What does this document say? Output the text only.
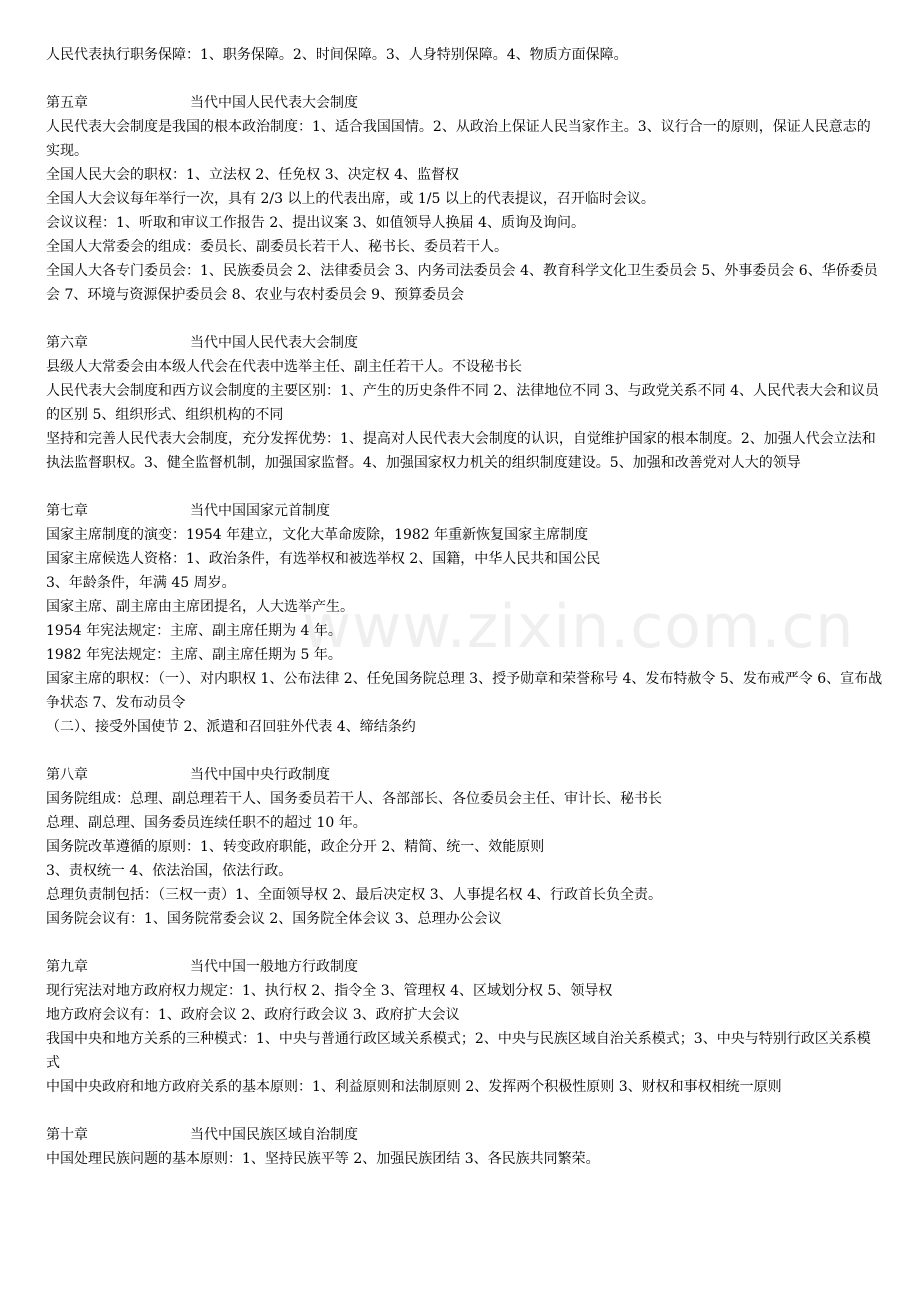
www.zixin.com.cn
人民代表执行职务保障：1、职务保障。2、时间保障。3、人身特别保障。4、物质方面保障。
第五章	当代中国人民代表大会制度
人民代表大会制度是我国的根本政治制度：1、适合我国国情。2、从政治上保证人民当家作主。3、议行合一的原则，保证人民意志的实现。
全国人民大会的职权：1、立法权 2、任免权 3、决定权 4、监督权
全国人大会议每年举行一次，具有 2/3 以上的代表出席，或 1/5 以上的代表提议，召开临时会议。
会议议程：1、听取和审议工作报告 2、提出议案 3、如值领导人换届 4、质询及询问。
全国人大常委会的组成：委员长、副委员长若干人、秘书长、委员若干人。
全国人大各专门委员会：1、民族委员会 2、法律委员会 3、内务司法委员会 4、教育科学文化卫生委员会 5、外事委员会 6、华侨委员会 7、环境与资源保护委员会 8、农业与农村委员会 9、预算委员会
第六章	当代中国人民代表大会制度
县级人大常委会由本级人代会在代表中选举主任、副主任若干人。不设秘书长
人民代表大会制度和西方议会制度的主要区别：1、产生的历史条件不同 2、法律地位不同 3、与政党关系不同 4、人民代表大会和议员的区别 5、组织形式、组织机构的不同
坚持和完善人民代表大会制度，充分发挥优势：1、提高对人民代表大会制度的认识，自觉维护国家的根本制度。2、加强人代会立法和执法监督职权。3、健全监督机制，加强国家监督。4、加强国家权力机关的组织制度建设。5、加强和改善党对人大的领导
第七章	当代中国国家元首制度
国家主席制度的演变：1954 年建立，文化大革命废除，1982 年重新恢复国家主席制度
国家主席候选人资格：1、政治条件，有选举权和被选举权 2、国籍，中华人民共和国公民
3、年龄条件，年满 45 周岁。
国家主席、副主席由主席团提名，人大选举产生。
1954 年宪法规定：主席、副主席任期为 4 年。
1982 年宪法规定：主席、副主席任期为 5 年。
国家主席的职权：（一）、对内职权 1、公布法律 2、任免国务院总理 3、授予勋章和荣誉称号 4、发布特赦令 5、发布戒严令 6、宣布战争状态 7、发布动员令
（二）、接受外国使节 2、派遣和召回驻外代表 4、缔结条约
第八章	当代中国中央行政制度
国务院组成：总理、副总理若干人、国务委员若干人、各部部长、各位委员会主任、审计长、秘书长
总理、副总理、国务委员连续任职不的超过 10 年。
国务院改革遵循的原则：1、转变政府职能，政企分开 2、精简、统一、效能原则
3、责权统一 4、依法治国，依法行政。
总理负责制包括：（三权一责）1、全面领导权 2、最后决定权 3、人事提名权 4、行政首长负全责。
国务院会议有：1、国务院常委会议 2、国务院全体会议 3、总理办公会议
第九章	当代中国一般地方行政制度
现行宪法对地方政府权力规定：1、执行权 2、指令全 3、管理权 4、区域划分权 5、领导权
地方政府会议有：1、政府会议 2、政府行政会议 3、政府扩大会议
我国中央和地方关系的三种模式：1、中央与普通行政区域关系模式；2、中央与民族区域自治关系模式；3、中央与特别行政区关系模式
中国中央政府和地方政府关系的基本原则：1、利益原则和法制原则 2、发挥两个积极性原则 3、财权和事权相统一原则
第十章	当代中国民族区域自治制度
中国处理民族问题的基本原则：1、坚持民族平等 2、加强民族团结 3、各民族共同繁荣。
